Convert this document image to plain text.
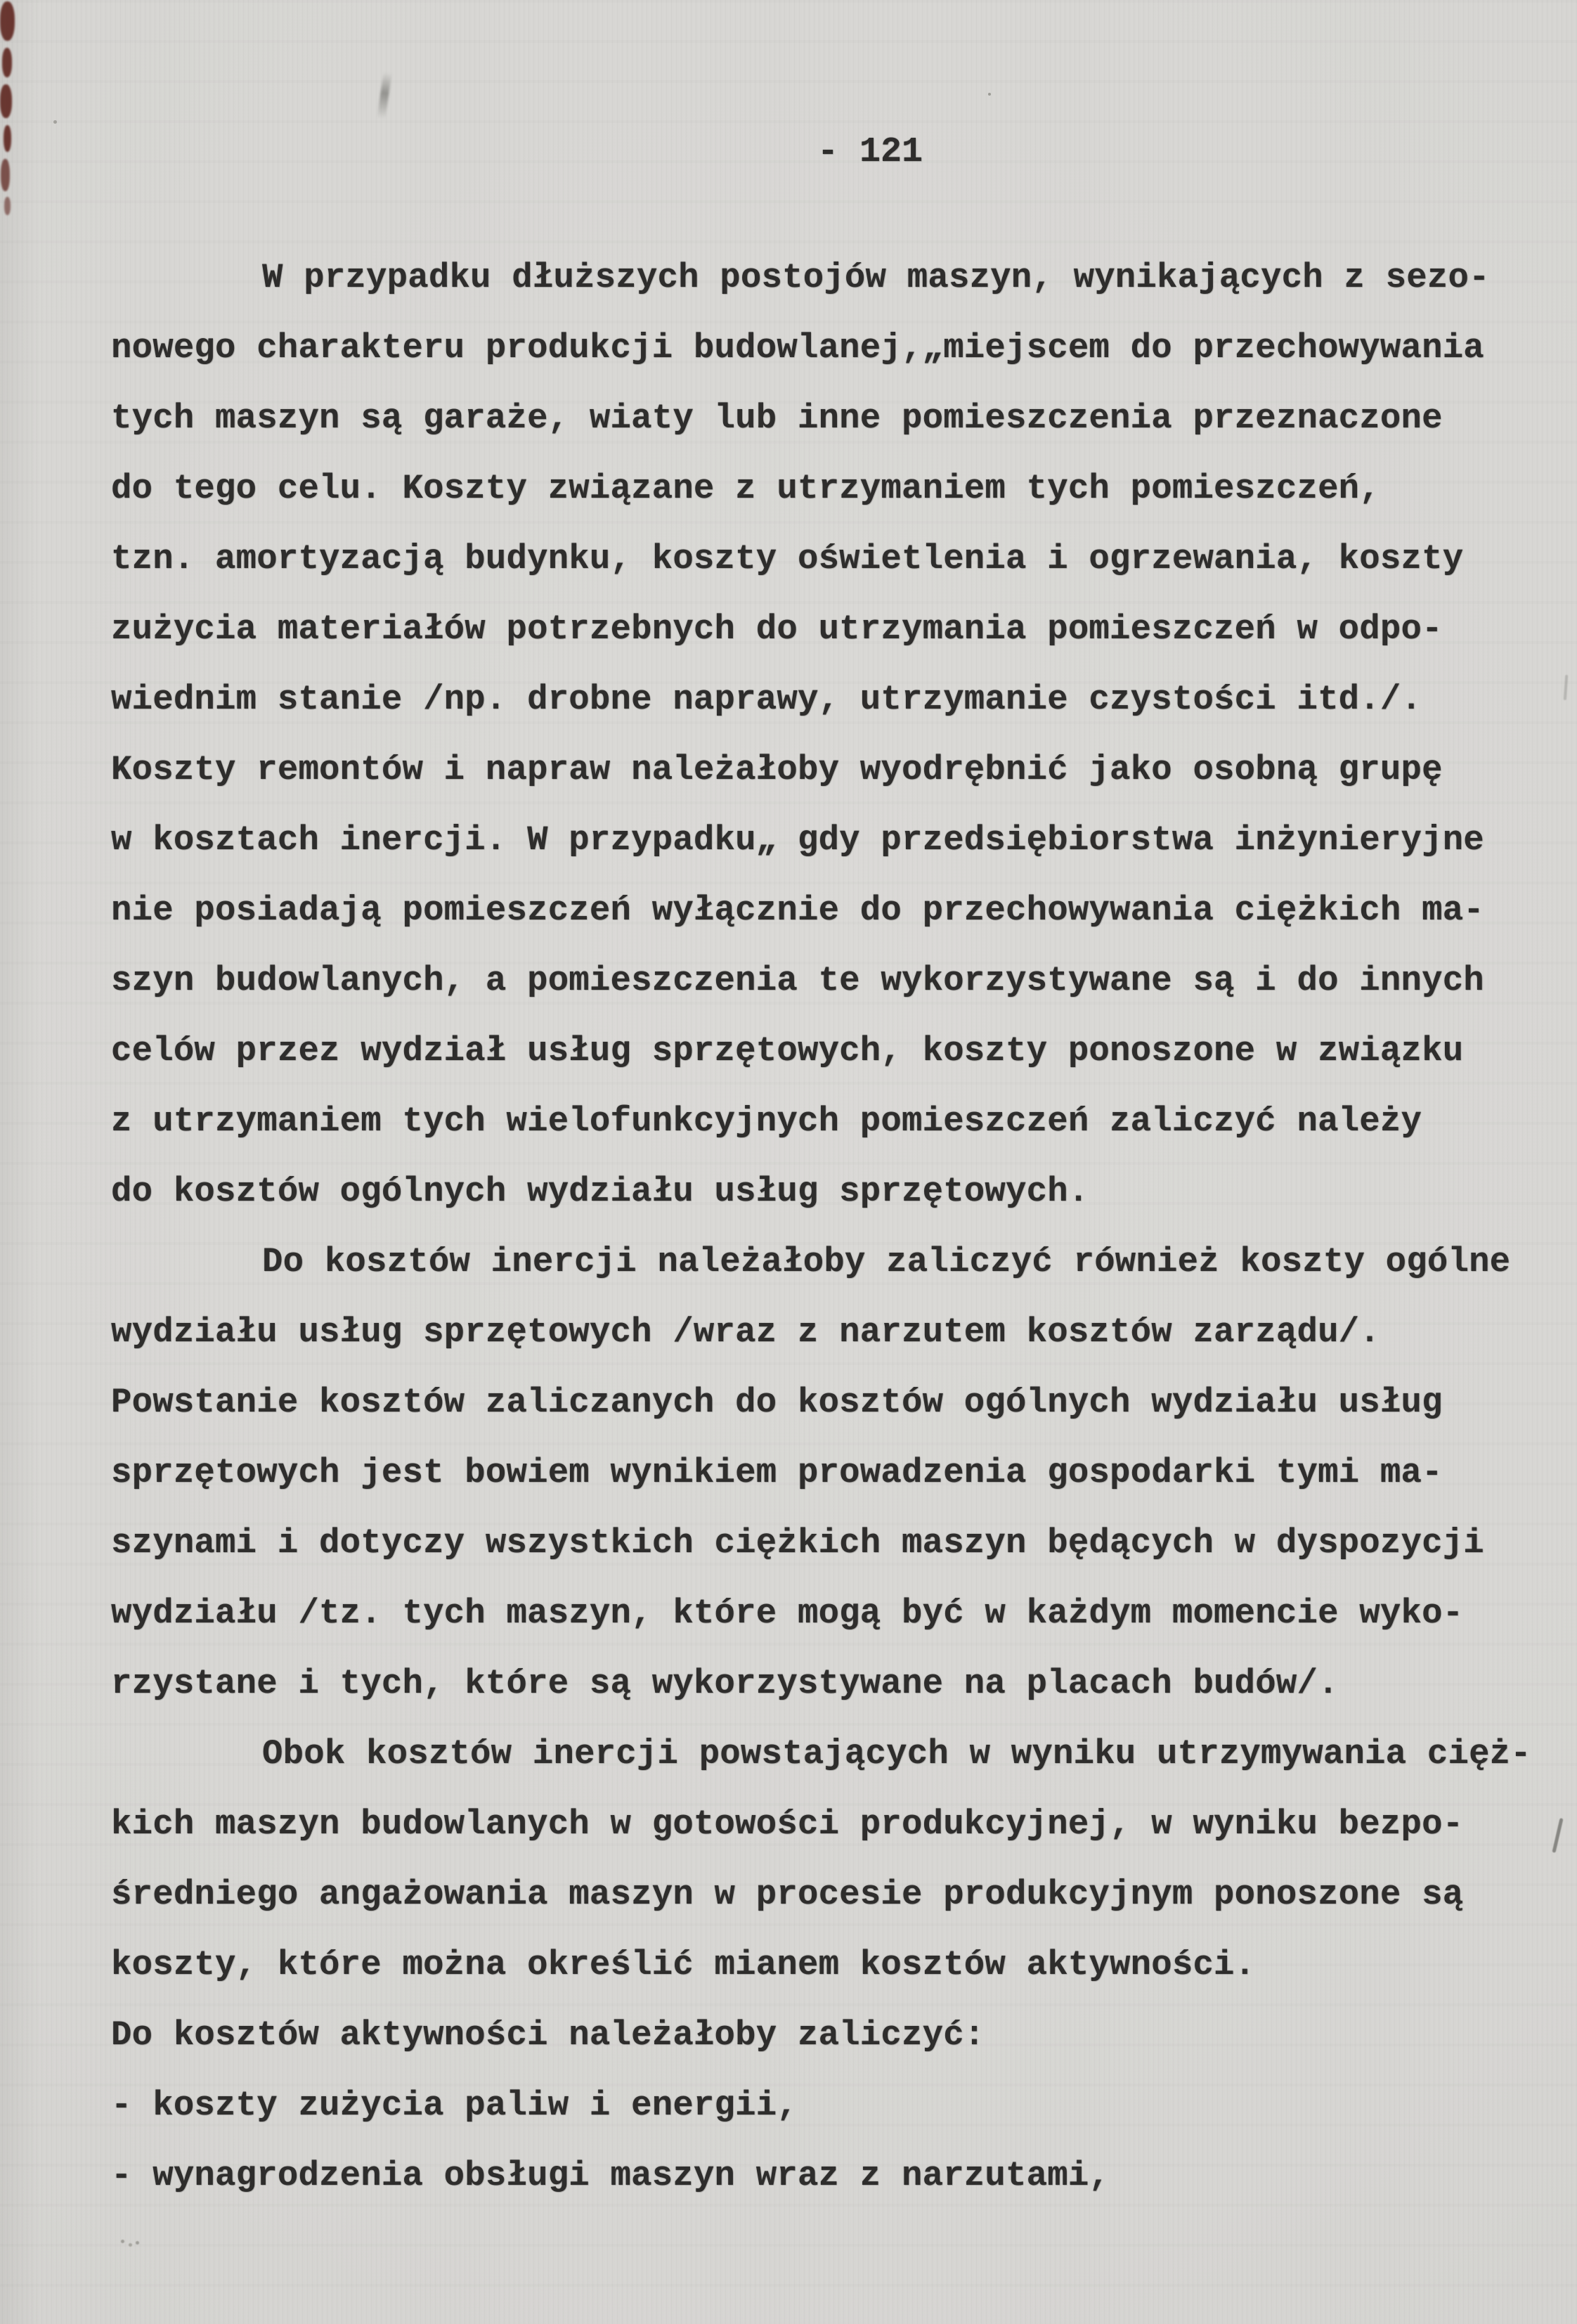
- 121
W przypadku dłuższych postojów maszyn, wynikających z sezo-
nowego charakteru produkcji budowlanej,„miejscem do przechowywania
tych maszyn są garaże, wiaty lub inne pomieszczenia przeznaczone
do tego celu. Koszty związane z utrzymaniem tych pomieszczeń,
tzn. amortyzacją budynku, koszty oświetlenia i ogrzewania, koszty
zużycia materiałów potrzebnych do utrzymania pomieszczeń w odpo-
wiednim stanie /np. drobne naprawy, utrzymanie czystości itd./.
Koszty remontów i napraw należałoby wyodrębnić jako osobną grupę
w kosztach inercji. W przypadku„ gdy przedsiębiorstwa inżynieryjne
nie posiadają pomieszczeń wyłącznie do przechowywania ciężkich ma-
szyn budowlanych, a pomieszczenia te wykorzystywane są i do innych
celów przez wydział usług sprzętowych, koszty ponoszone w związku
z utrzymaniem tych wielofunkcyjnych pomieszczeń zaliczyć należy
do kosztów ogólnych wydziału usług sprzętowych.
Do kosztów inercji należałoby zaliczyć również koszty ogólne
wydziału usług sprzętowych /wraz z narzutem kosztów zarządu/.
Powstanie kosztów zaliczanych do kosztów ogólnych wydziału usług
sprzętowych jest bowiem wynikiem prowadzenia gospodarki tymi ma-
szynami i dotyczy wszystkich ciężkich maszyn będących w dyspozycji
wydziału /tz. tych maszyn, które mogą być w każdym momencie wyko-
rzystane i tych, które są wykorzystywane na placach budów/.
Obok kosztów inercji powstających w wyniku utrzymywania cięż-
kich maszyn budowlanych w gotowości produkcyjnej, w wyniku bezpo-
średniego angażowania maszyn w procesie produkcyjnym ponoszone są
koszty, które można określić mianem kosztów aktywności.
Do kosztów aktywności należałoby zaliczyć:
- koszty zużycia paliw i energii,
- wynagrodzenia obsługi maszyn wraz z narzutami,
